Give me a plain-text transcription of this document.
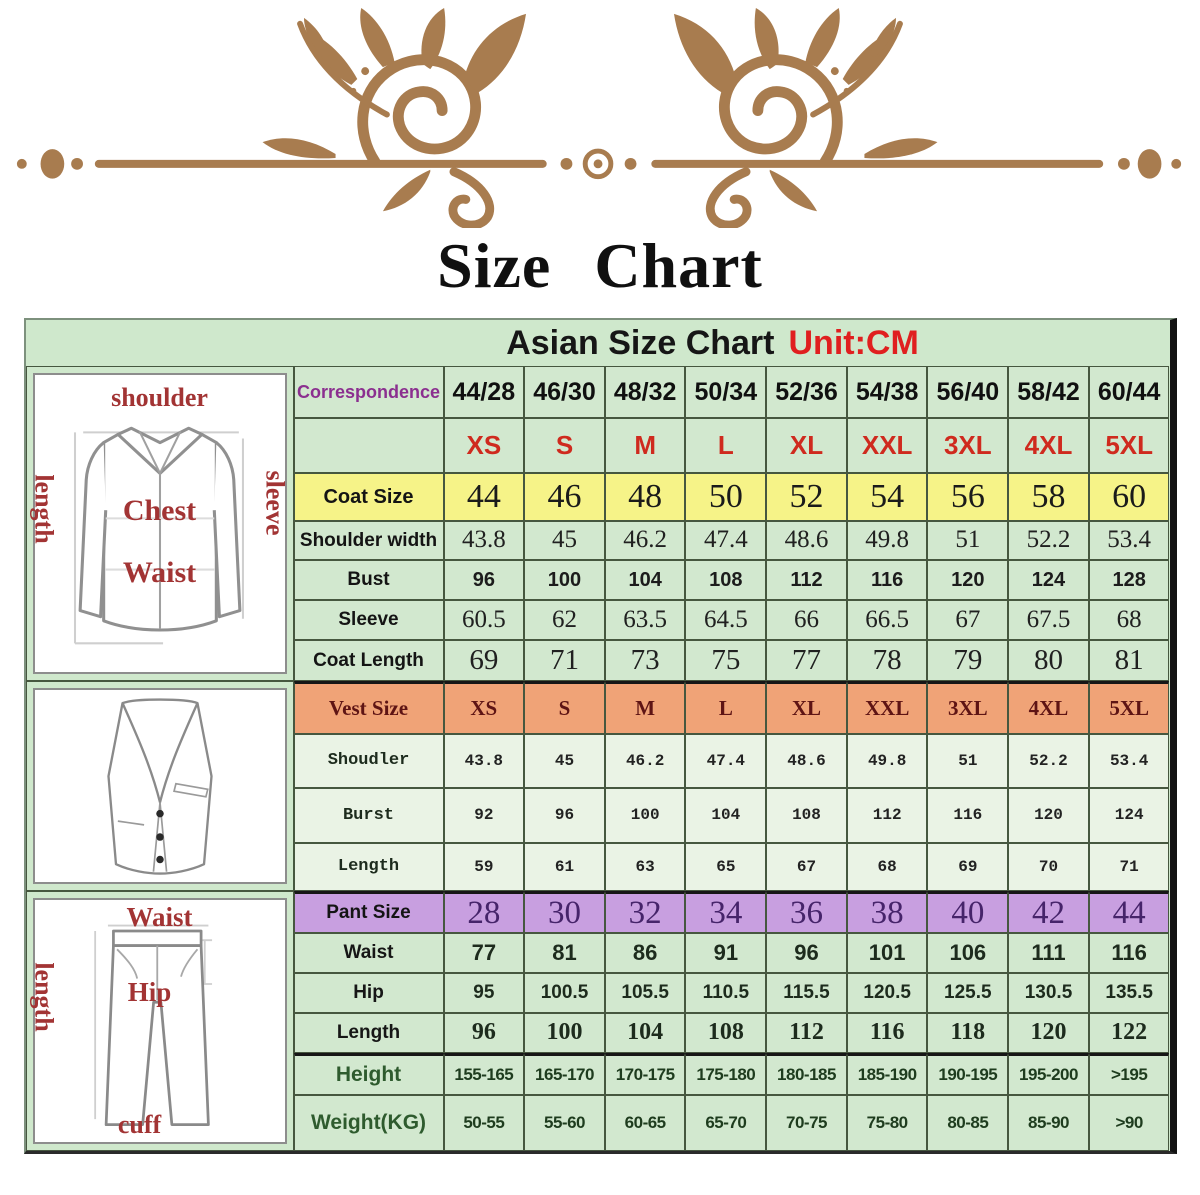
Size Chart
Asian Size Chart Unit:CM
shoulder
length	sleeve
Chest
Waist
Waist
length	Hip
cuff
Correspondence 44/28 46/30 48/32 50/34 52/36 54/38 56/40 58/42 60/44
XS	S	M	L	XL	XXL	3XL	4XL	5XL
Coat Size	44	46	48	50	52	54	56	58	60
Shoulder width 43.8	45	46.2	47.4	48.6	49.8	51	52.2	53.4
Bust	96	100	104	108	112	116	120	124	128
Sleeve	60.5	62	63.5	64.5	66	66.5	67	67.5	68
Coat Length	69	71	73	75	77	78	79	80	81
Vest Size	XS	S	M	L	XL	XXL	3XL	4XL	5XL
Shoudler	43.8	45	46.2	47.4	48.6	49.8	51	52.2	53.4
Burst	92	96	100	104	108	112	116	120	124
Length	59	61	63	65	67	68	69	70	71
Pant Size	28	30	32	34	36	38	40	42	44
Waist	77	81	86	91	96	101	106	111	116
Hip	95	100.5	105.5	110.5	115.5	120.5	125.5	130.5	135.5
Length	96	100	104	108	112	116	118	120	122
Height	155-165	165-170	170-175	175-180	180-185	185-190	190-195	195-200	>195
Weight(KG)	50-55	55-60	60-65	65-70	70-75	75-80	80-85	85-90	>90
